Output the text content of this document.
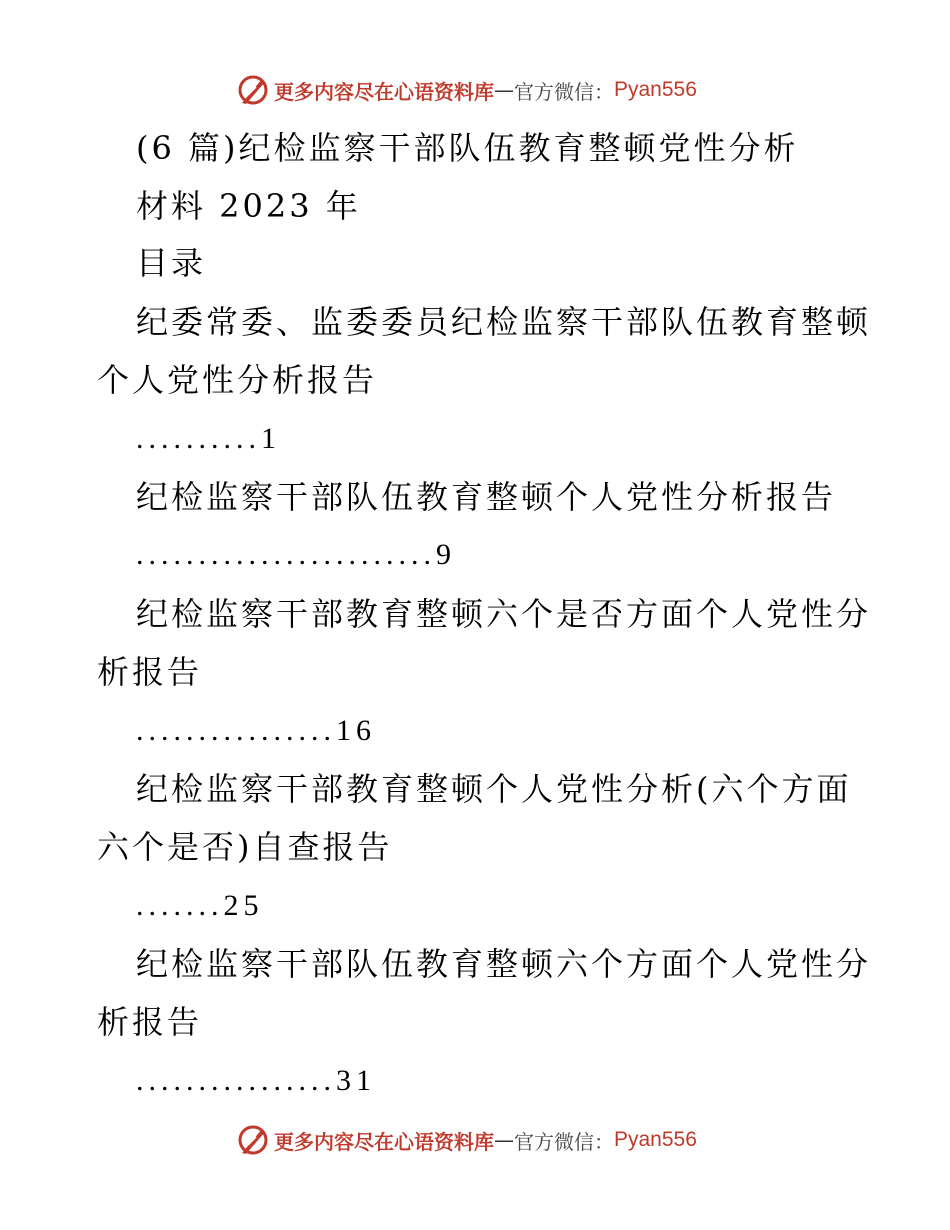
更多内容尽在心语资料库 — 官方微信： Pyan556
(6 篇)纪检监察干部队伍教育整顿党性分析
材料 2023 年
目录
纪委常委、监委委员纪检监察干部队伍教育整顿
个人党性分析报告
..........1
纪检监察干部队伍教育整顿个人党性分析报告
........................9
纪检监察干部教育整顿六个是否方面个人党性分
析报告
................16
纪检监察干部教育整顿个人党性分析(六个方面
六个是否)自查报告
.......25
纪检监察干部队伍教育整顿六个方面个人党性分
析报告
................31
更多内容尽在心语资料库 — 官方微信： Pyan556
